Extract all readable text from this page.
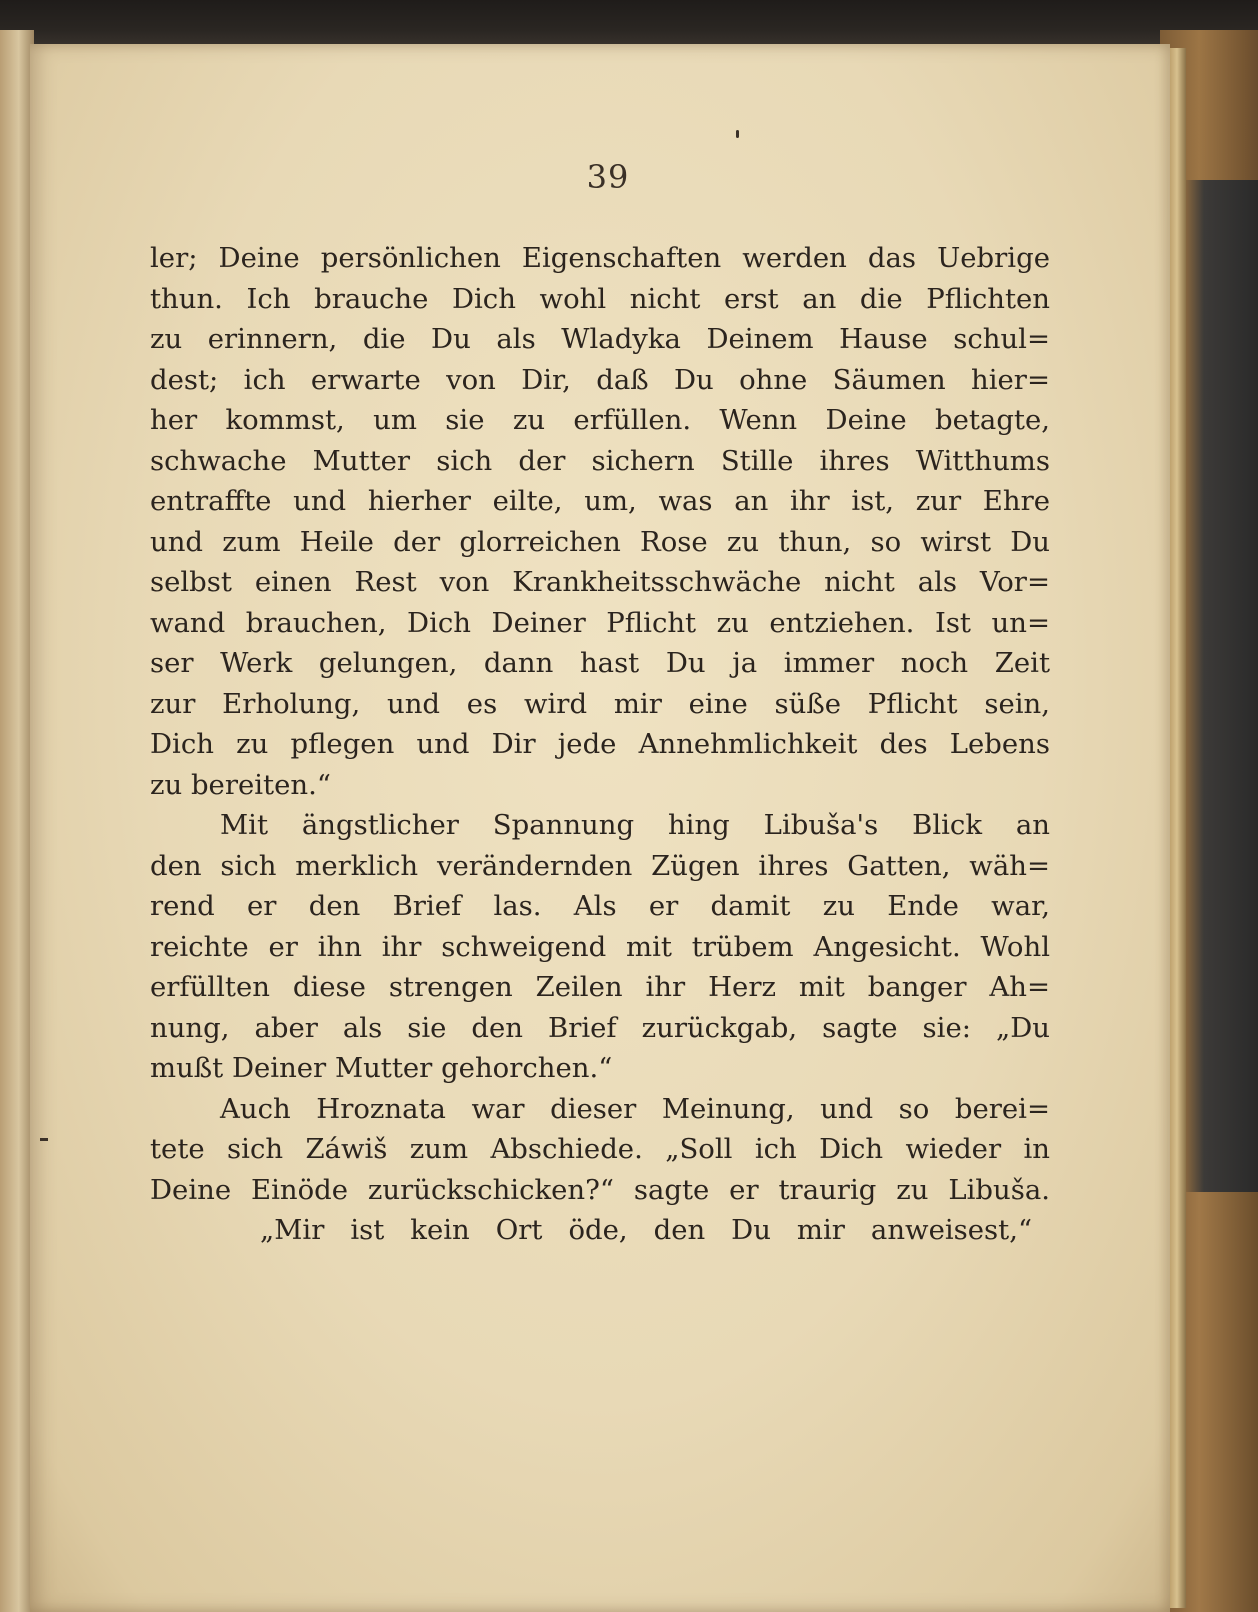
39
ler; Deine persönlichen Eigenschaften werden das Uebrige
thun. Ich brauche Dich wohl nicht erst an die Pflichten
zu erinnern, die Du als Wladyka Deinem Hause schul=
dest; ich erwarte von Dir, daß Du ohne Säumen hier=
her kommst, um sie zu erfüllen. Wenn Deine betagte,
schwache Mutter sich der sichern Stille ihres Witthums
entraffte und hierher eilte, um, was an ihr ist, zur Ehre
und zum Heile der glorreichen Rose zu thun, so wirst Du
selbst einen Rest von Krankheitsschwäche nicht als Vor=
wand brauchen, Dich Deiner Pflicht zu entziehen. Ist un=
ser Werk gelungen, dann hast Du ja immer noch Zeit
zur Erholung, und es wird mir eine süße Pflicht sein,
Dich zu pflegen und Dir jede Annehmlichkeit des Lebens
zu bereiten.“
Mit ängstlicher Spannung hing Libuša's Blick an
den sich merklich verändernden Zügen ihres Gatten, wäh=
rend er den Brief las. Als er damit zu Ende war,
reichte er ihn ihr schweigend mit trübem Angesicht. Wohl
erfüllten diese strengen Zeilen ihr Herz mit banger Ah=
nung, aber als sie den Brief zurückgab, sagte sie: „Du
mußt Deiner Mutter gehorchen.“
Auch Hroznata war dieser Meinung, und so berei=
tete sich Záwiš zum Abschiede. „Soll ich Dich wieder in
Deine Einöde zurückschicken?“ sagte er traurig zu Libuša.
„Mir ist kein Ort öde, den Du mir anweisest,“
